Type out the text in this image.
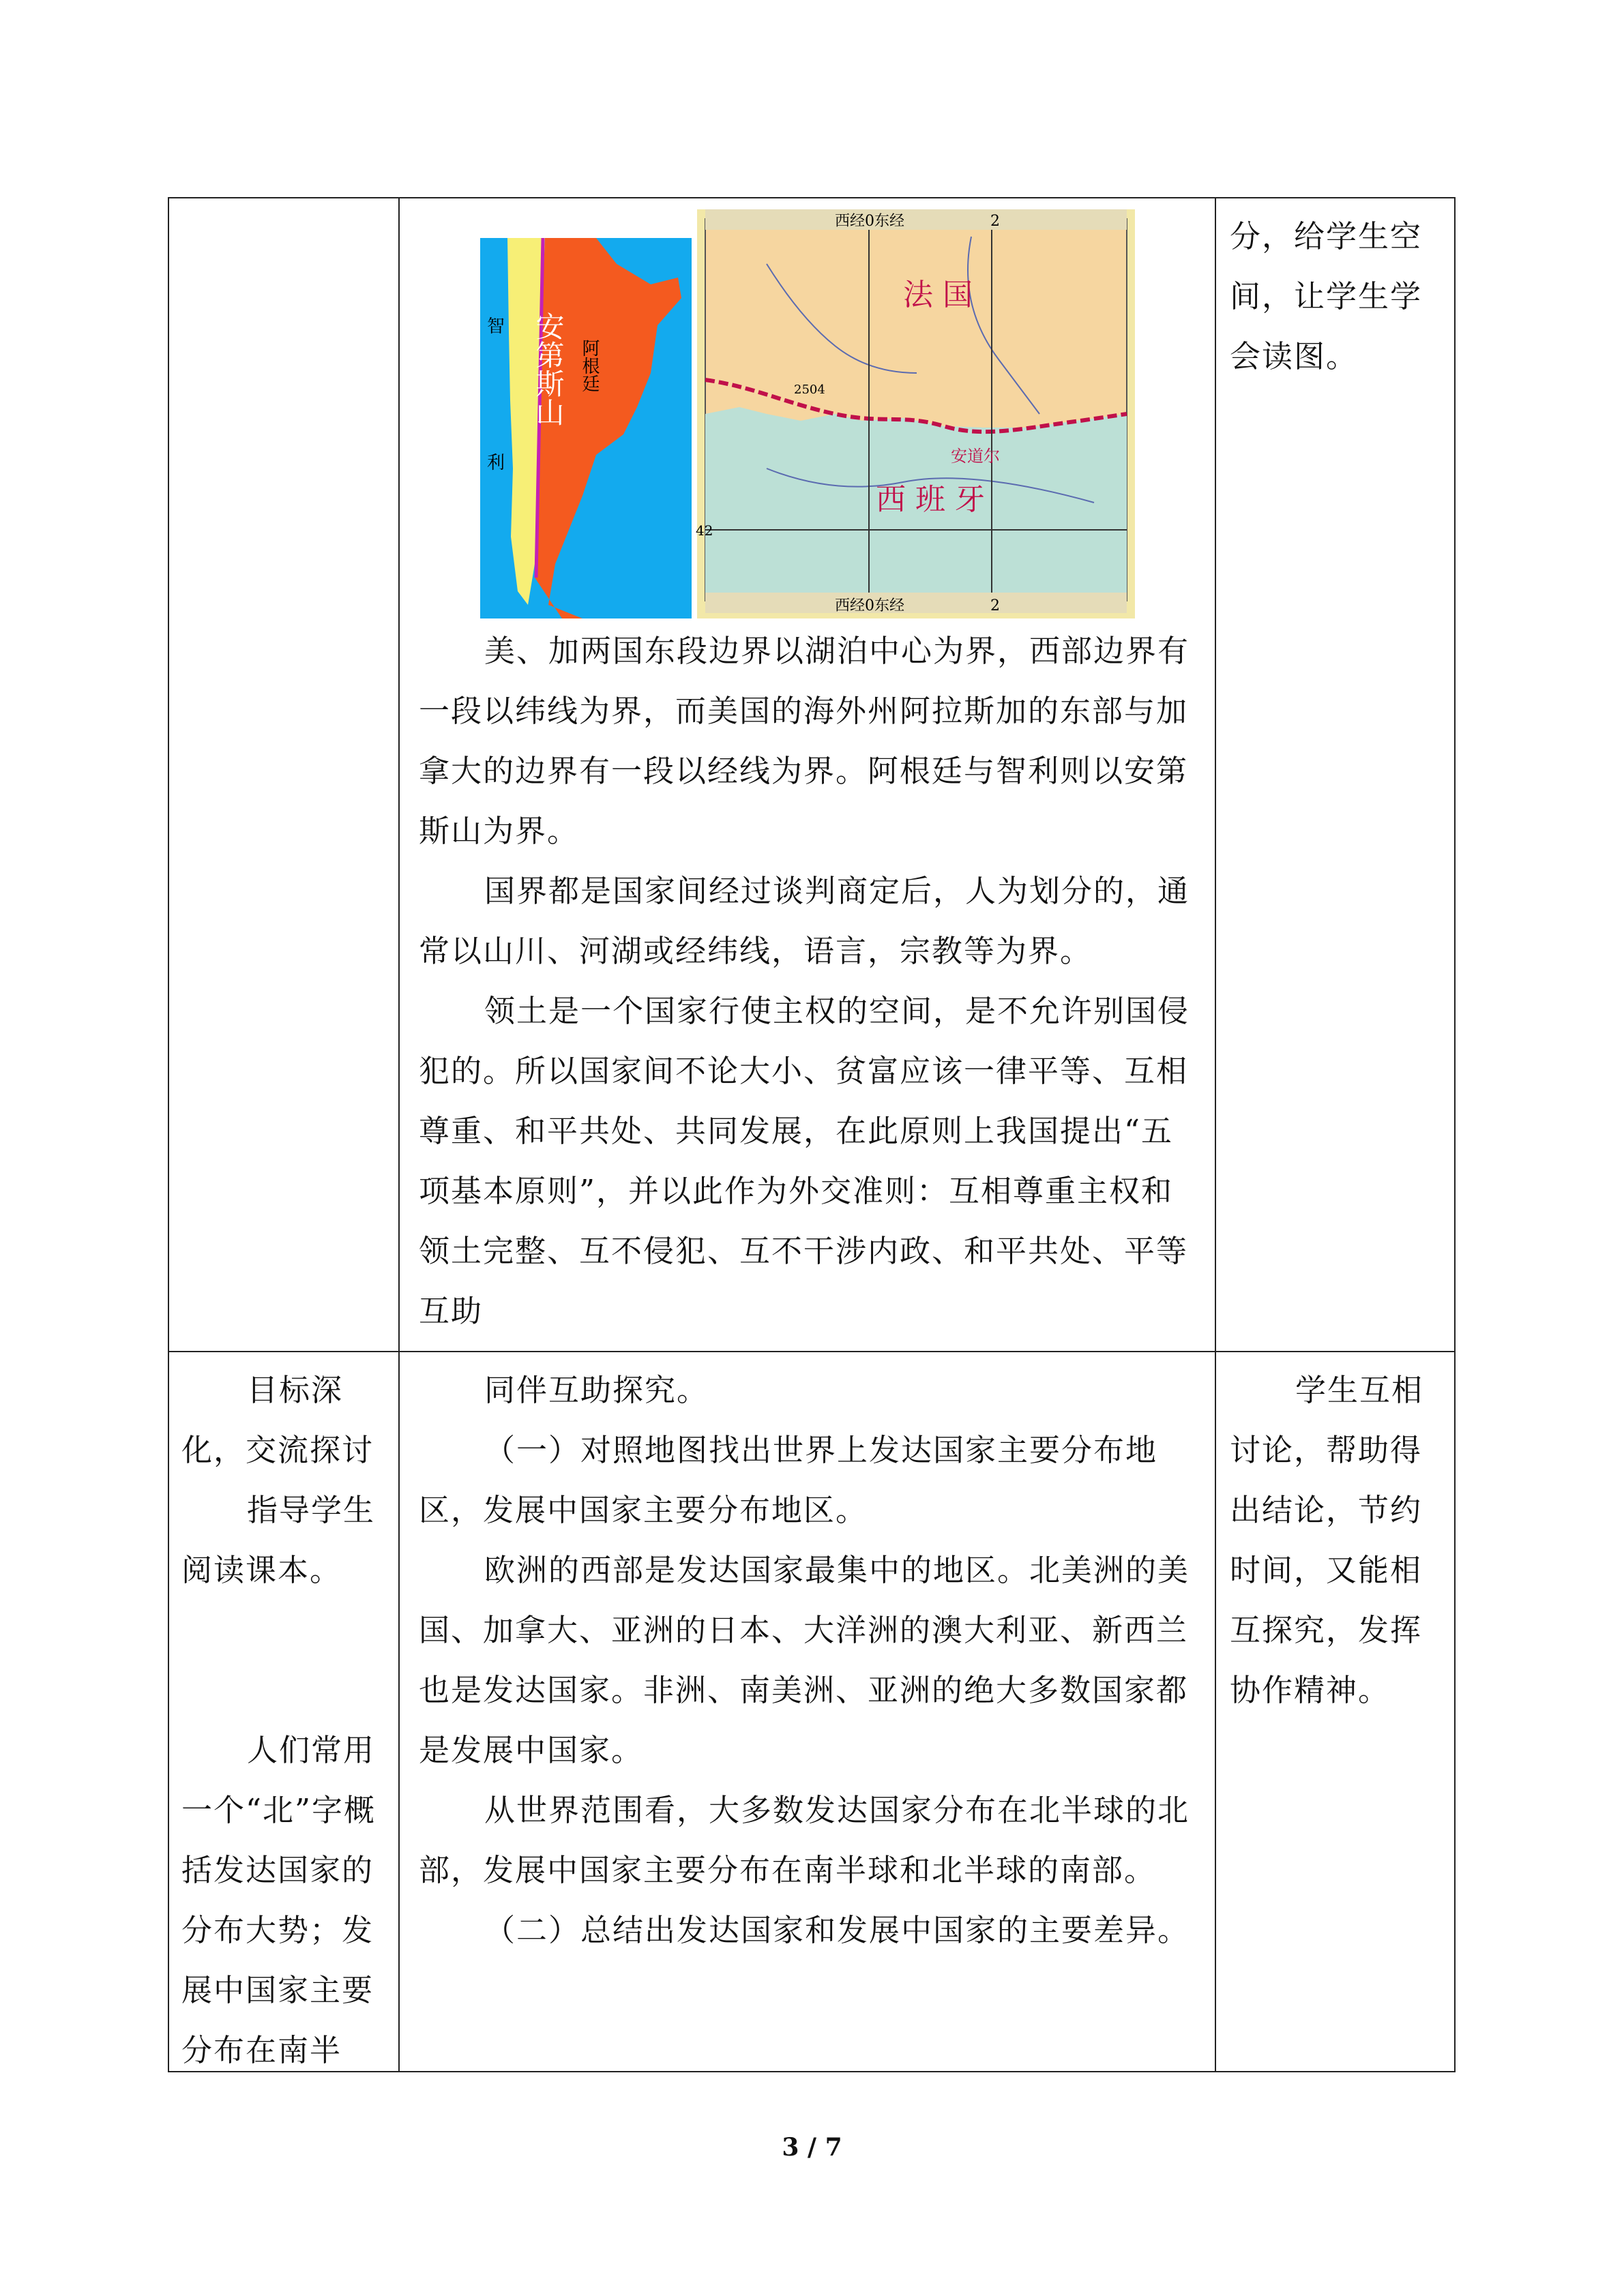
智
利
阿根廷
安第斯山
西经0东经	2
西经0东经	2
42
法 国
西 班 牙
安道尔
2504

美、加两国东段边界以湖泊中心为界，西部边界有一段以纬线为界，而美国的海外州阿拉斯加的东部与加拿大的边界有一段以经线为界。阿根廷与智利则以安第斯山为界。

国界都是国家间经过谈判商定后，人为划分的，通常以山川、河湖或经纬线，语言，宗教等为界。

领土是一个国家行使主权的空间，是不允许别国侵犯的。所以国家间不论大小、贫富应该一律平等、互相尊重、和平共处、共同发展，在此原则上我国提出“五项基本原则”，并以此作为外交准则：互相尊重主权和领土完整、互不侵犯、互不干涉内政、和平共处、平等互助

分，给学生空间，让学生学会读图。

目标深化，交流探讨

指导学生阅读课本。

人们常用一个“北”字概括发达国家的分布大势；发展中国家主要分布在南半

同伴互助探究。

（一）对照地图找出世界上发达国家主要分布地区，发展中国家主要分布地区。

欧洲的西部是发达国家最集中的地区。北美洲的美国、加拿大、亚洲的日本、大洋洲的澳大利亚、新西兰也是发达国家。非洲、南美洲、亚洲的绝大多数国家都是发展中国家。

从世界范围看，大多数发达国家分布在北半球的北部，发展中国家主要分布在南半球和北半球的南部。

（二）总结出发达国家和发展中国家的主要差异。

学生互相讨论，帮助得出结论，节约时间，又能相互探究，发挥协作精神。

3 / 7
